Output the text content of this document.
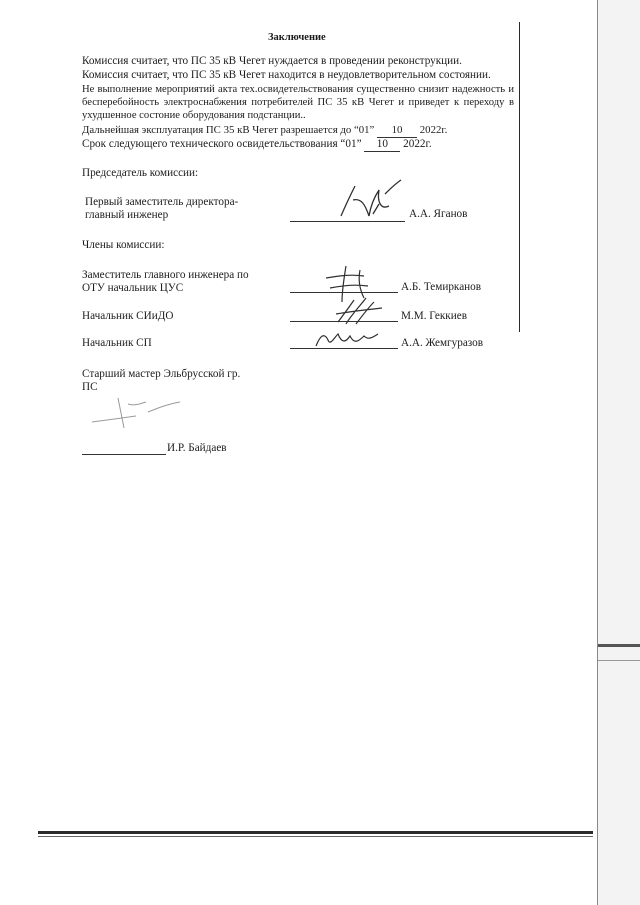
Заключение
Комиссия считает, что ПС 35 кВ Чегет нуждается в проведении реконструкции.
Комиссия считает, что ПС 35 кВ Чегет находится в неудовлетворительном состоянии.
Не выполнение мероприятий акта тех.освидетельствования существенно снизит надежность и бесперебойность электроснабжения потребителей ПС 35 кВ Чегет и приведет к переходу в ухудшенное состоние оборудования подстанции..
Дальнейшая эксплуатация ПС 35 кВ Чегет разрешается до “01” 10 2022г.
Срок следующего технического освидетельствования “01” 10 2022г.
Председатель комиссии:
Первый заместитель директора-
главный инженер	А.А. Яганов
Члены комиссии:
Заместитель главного инженера по
ОТУ начальник ЦУС	А.Б. Темирканов
Начальник СИиДО	М.М. Геккиев
Начальник СП	А.А. Жемгуразов
Старший мастер Эльбрусской гр.
ПС
И.Р. Байдаев
